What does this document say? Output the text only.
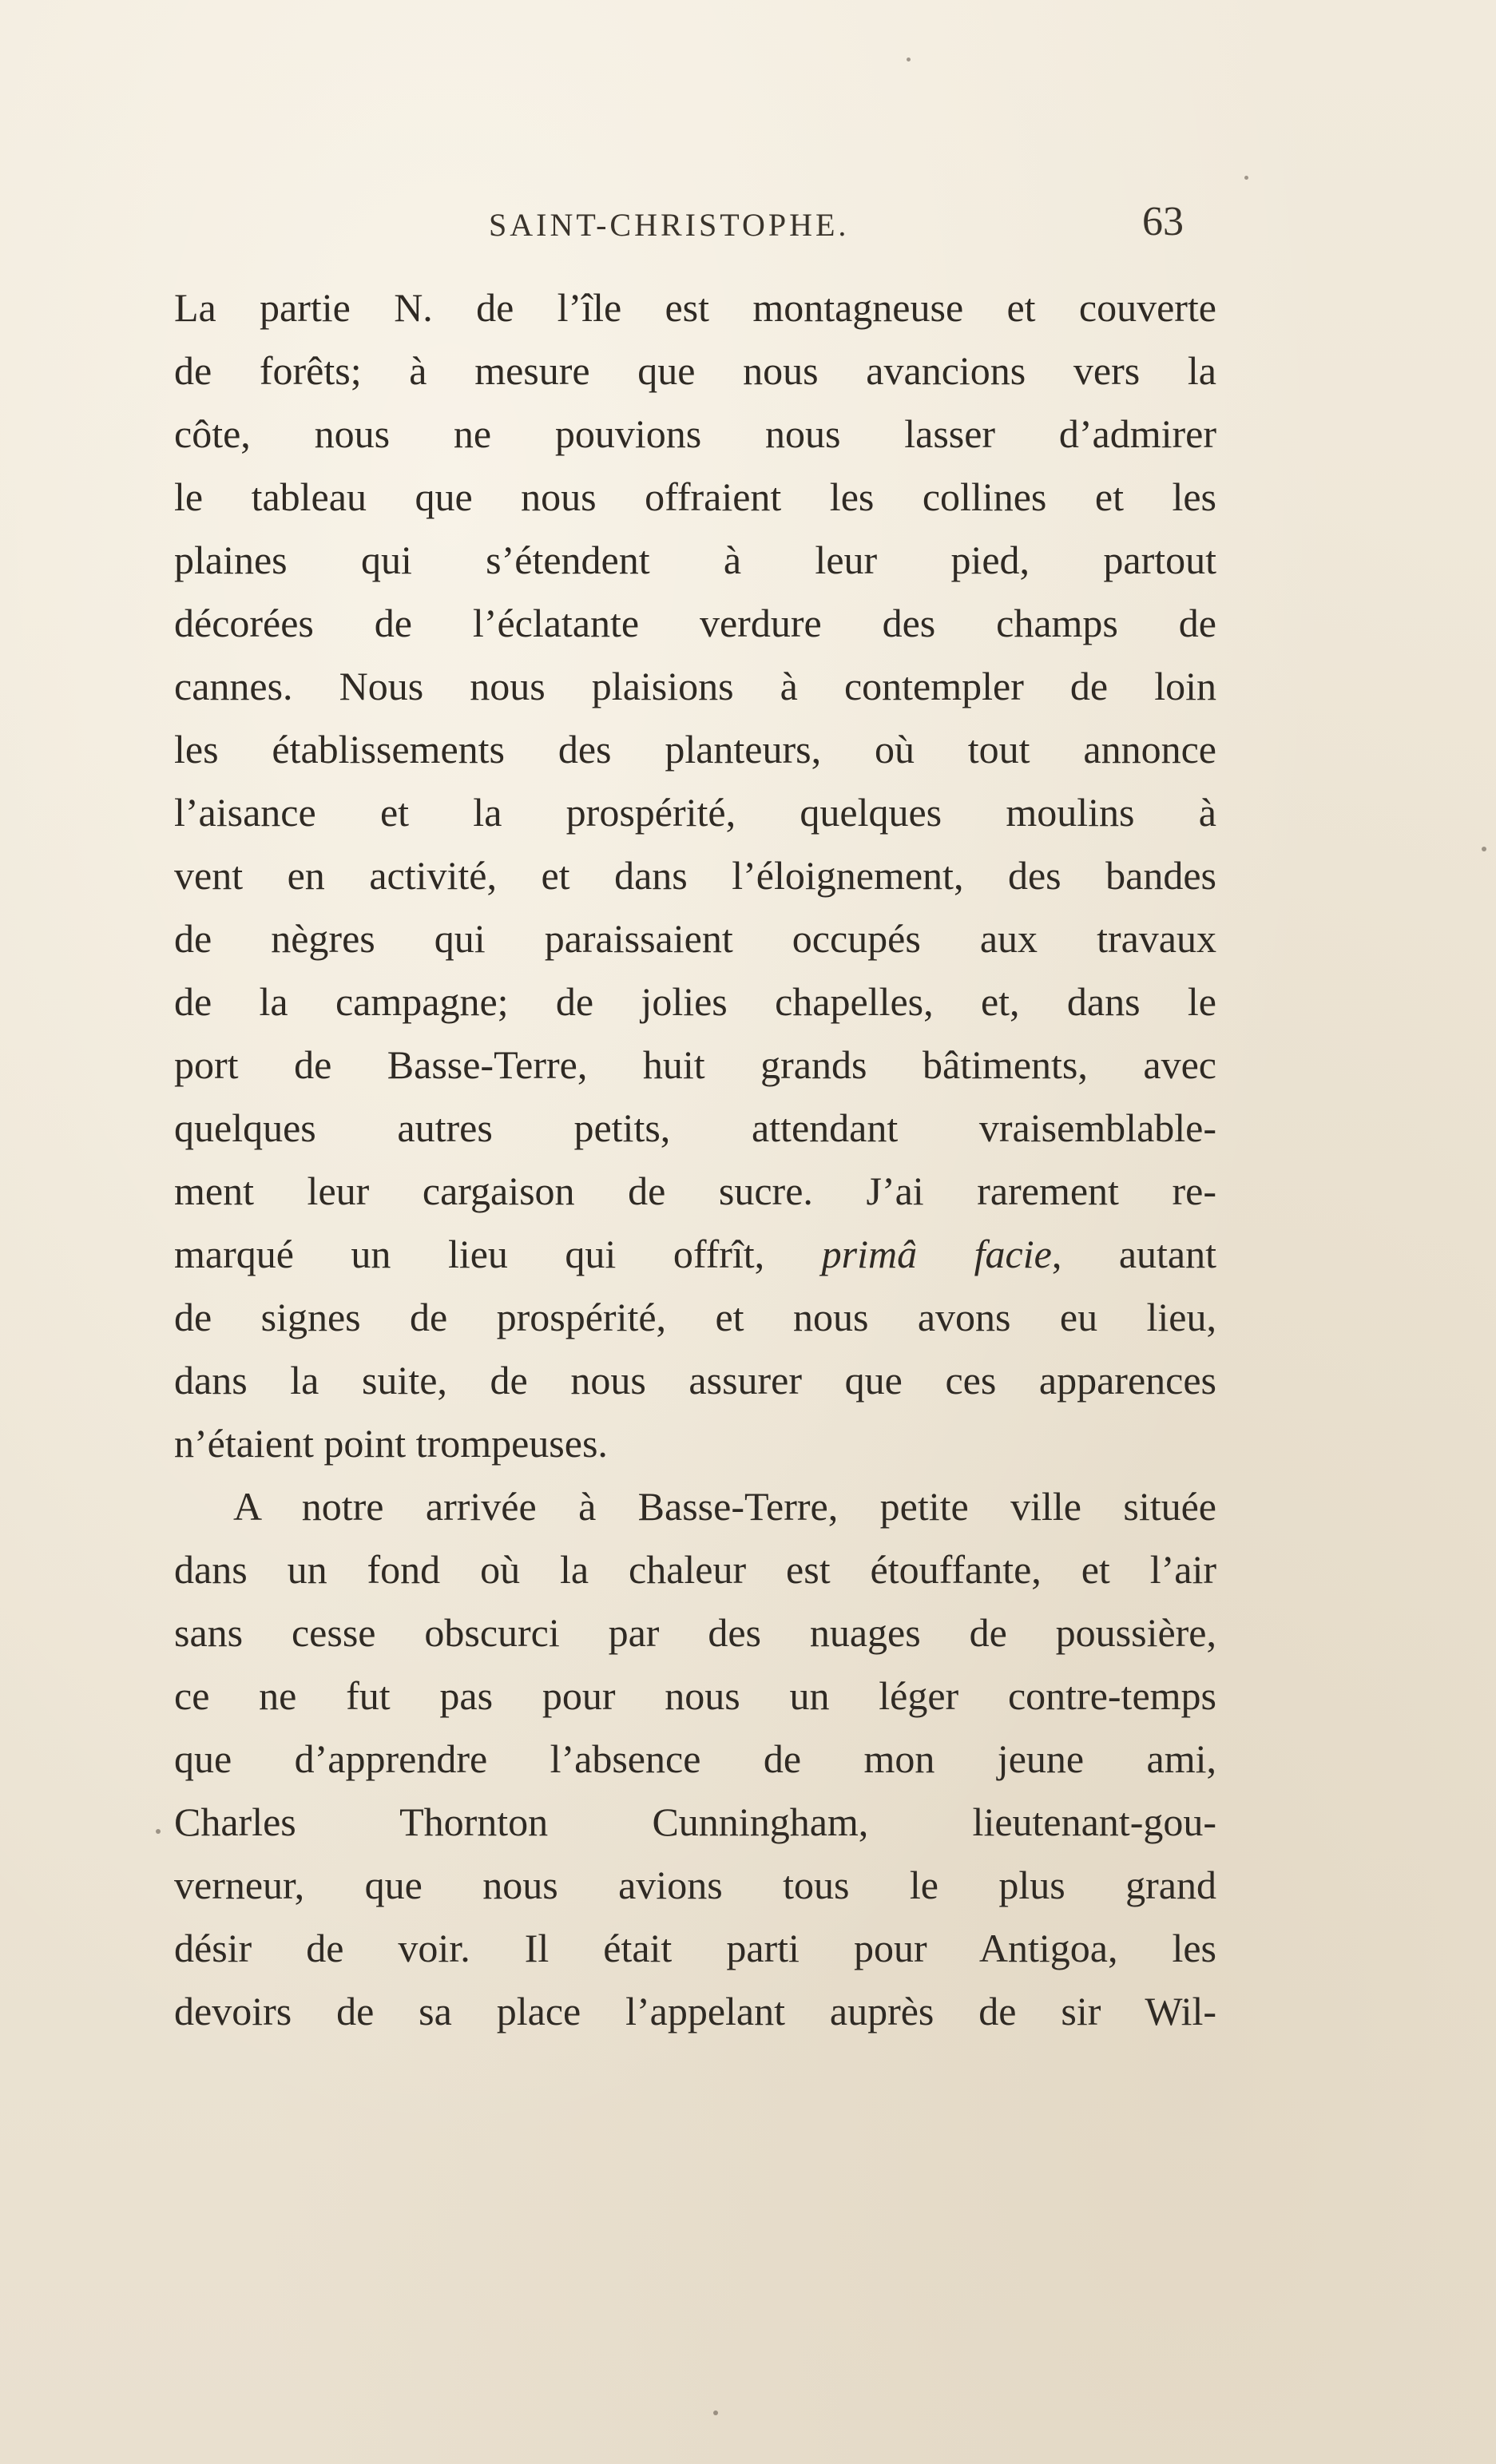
SAINT-CHRISTOPHE.	63
La partie N. de l’île est montagneuse et couverte
de forêts; à mesure que nous avancions vers la
côte, nous ne pouvions nous lasser d’admirer
le tableau que nous offraient les collines et les
plaines qui s’étendent à leur pied, partout
décorées de l’éclatante verdure des champs de
cannes. Nous nous plaisions à contempler de loin
les établissements des planteurs, où tout annonce
l’aisance et la prospérité, quelques moulins à
vent en activité, et dans l’éloignement, des bandes
de nègres qui paraissaient occupés aux travaux
de la campagne; de jolies chapelles, et, dans le
port de Basse-Terre, huit grands bâtiments, avec
quelques autres petits, attendant vraisemblable-
ment leur cargaison de sucre. J’ai rarement re-
marqué un lieu qui offrît, primâ facie, autant
de signes de prospérité, et nous avons eu lieu,
dans la suite, de nous assurer que ces apparences
n’étaient point trompeuses.
A notre arrivée à Basse-Terre, petite ville située
dans un fond où la chaleur est étouffante, et l’air
sans cesse obscurci par des nuages de poussière,
ce ne fut pas pour nous un léger contre-temps
que d’apprendre l’absence de mon jeune ami,
Charles Thornton Cunningham, lieutenant-gou-
verneur, que nous avions tous le plus grand
désir de voir. Il était parti pour Antigoa, les
devoirs de sa place l’appelant auprès de sir Wil-
